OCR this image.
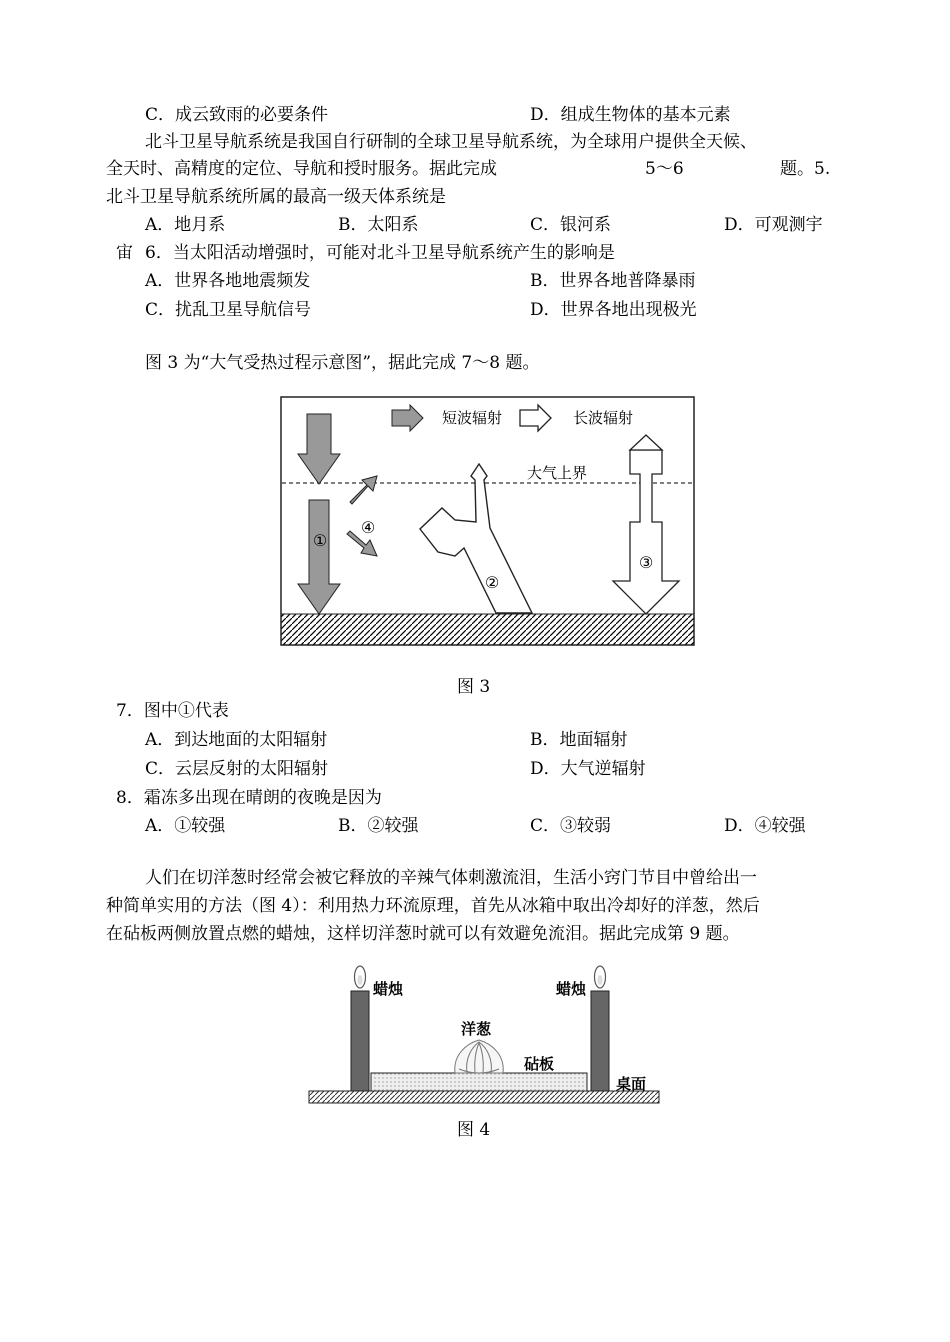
C．成云致雨的必要条件	D．组成生物体的基本元素
北斗卫星导航系统是我国自行研制的全球卫星导航系统，为全球用户提供全天候、
全天时、高精度的定位、导航和授时服务。据此完成	5～6	题。5.
北斗卫星导航系统所属的最高一级天体系统是
A．地月系	B．太阳系	C．银河系	D．可观测宇
宙 6．当太阳活动增强时，可能对北斗卫星导航系统产生的影响是
A．世界各地地震频发	B．世界各地普降暴雨
C．扰乱卫星导航信号	D．世界各地出现极光
图 3 为“大气受热过程示意图”，据此完成 7～8 题。
短波辐射	长波辐射
大气上界
①
④
②
③
图 3
7．图中①代表
A．到达地面的太阳辐射	B．地面辐射
C．云层反射的太阳辐射	D．大气逆辐射
8．霜冻多出现在晴朗的夜晚是因为
A．①较强	B．②较强	C．③较弱	D．④较强
人们在切洋葱时经常会被它释放的辛辣气体刺激流泪，生活小窍门节目中曾给出一
种简单实用的方法（图 4）：利用热力环流原理，首先从冰箱中取出冷却好的洋葱，然后
在砧板两侧放置点燃的蜡烛，这样切洋葱时就可以有效避免流泪。据此完成第 9 题。
蜡烛	蜡烛
洋葱
砧板
桌面
图 4
